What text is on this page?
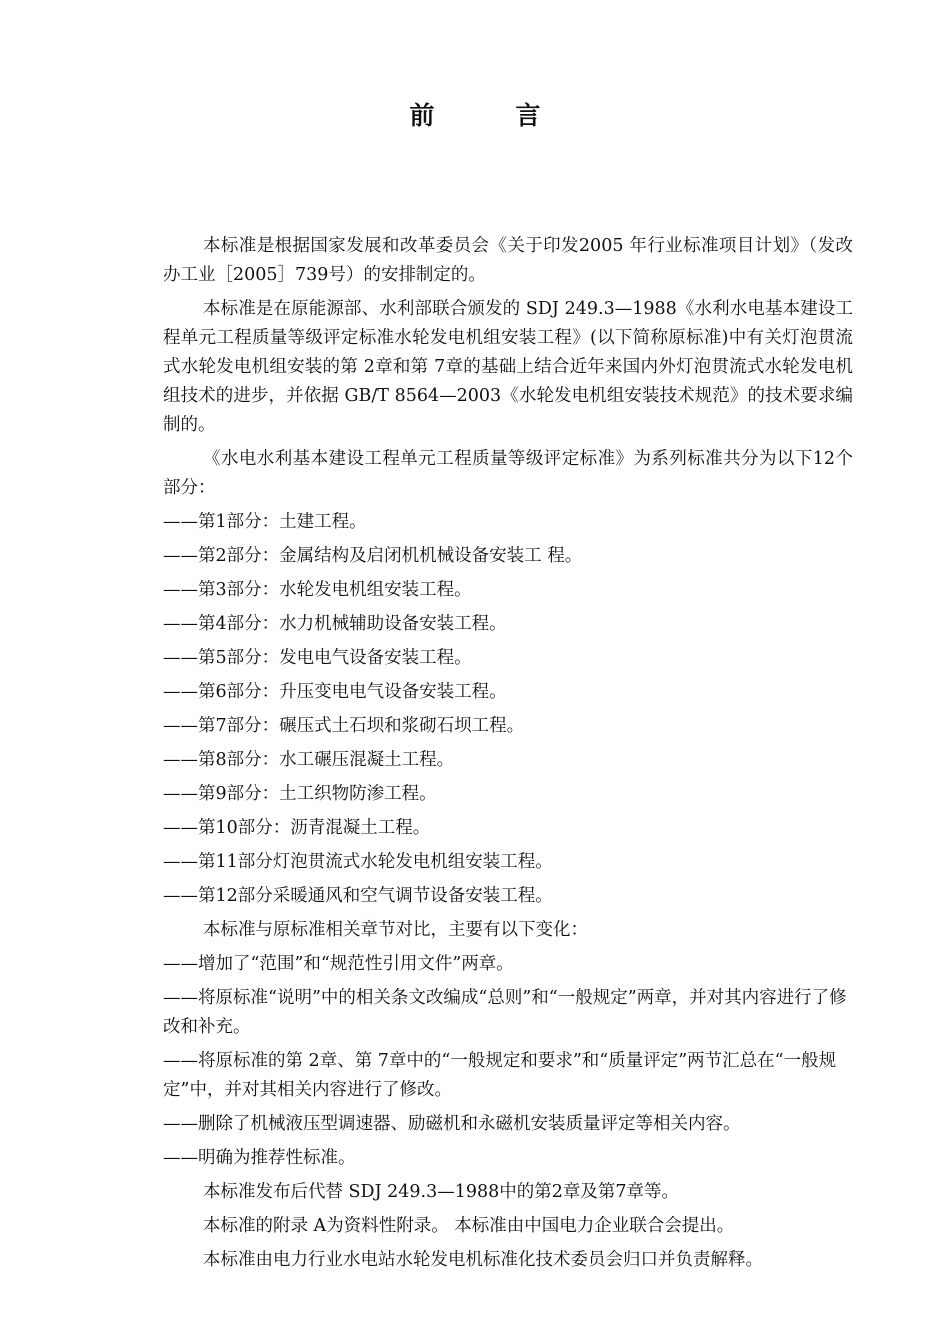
前　言

本标准是根据国家发展和改革委员会《关于印发2005 年行业标准项目计划》（发改办工业［2005］739号）的安排制定的。

本标准是在原能源部、水利部联合颁发的 SDJ 249.3—1988《水利水电基本建设工程单元工程质量等级评定标准水轮发电机组安装工程》(以下简称原标准)中有关灯泡贯流式水轮发电机组安装的第 2章和第 7章的基础上结合近年来国内外灯泡贯流式水轮发电机组技术的进步，并依据 GB/T 8564—2003《水轮发电机组安装技术规范》的技术要求编制的。

《水电水利基本建设工程单元工程质量等级评定标准》为系列标准共分为以下12个部分：

——第1部分：土建工程。
——第2部分：金属结构及启闭机机械设备安装工 程。
——第3部分：水轮发电机组安装工程。
——第4部分：水力机械辅助设备安装工程。
——第5部分：发电电气设备安装工程。
——第6部分：升压变电电气设备安装工程。
——第7部分：碾压式土石坝和浆砌石坝工程。
——第8部分：水工碾压混凝土工程。
——第9部分：土工织物防渗工程。
——第10部分：沥青混凝土工程。
——第11部分灯泡贯流式水轮发电机组安装工程。
——第12部分采暖通风和空气调节设备安装工程。

本标准与原标准相关章节对比，主要有以下变化：

——增加了“范围”和“规范性引用文件”两章。
——将原标准“说明”中的相关条文改编成“总则”和“一般规定”两章，并对其内容进行了修改和补充。
——将原标准的第 2章、第 7章中的“一般规定和要求”和“质量评定”两节汇总在“一般规定”中，并对其相关内容进行了修改。
——删除了机械液压型调速器、励磁机和永磁机安装质量评定等相关内容。
——明确为推荐性标准。

本标准发布后代替 SDJ 249.3—1988中的第2章及第7章等。

本标准的附录 A为资料性附录。 本标准由中国电力企业联合会提出。

本标准由电力行业水电站水轮发电机标准化技术委员会归口并负责解释。
